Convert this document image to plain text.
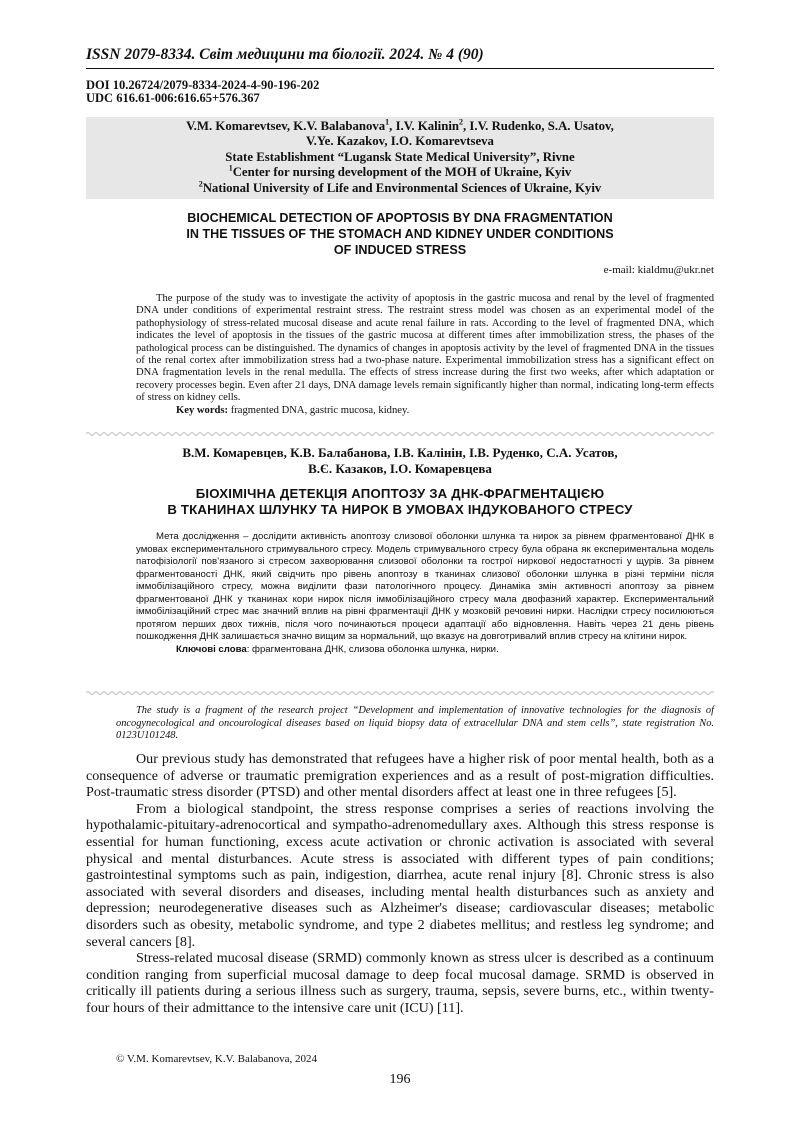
ISSN 2079-8334. Світ медицини та біології. 2024. № 4 (90)
DOI 10.26724/2079-8334-2024-4-90-196-202
UDC 616.61-006:616.65+576.367
V.M. Komarevtsev, K.V. Balabanova$^1$, I.V. Kalinin$^2$, I.V. Rudenko, S.A. Usatov,
V.Ye. Kazakov, I.O. Komarevtseva
State Establishment “Lugansk State Medical University”, Rivne
$^1$Center for nursing development of the MOH of Ukraine, Kyiv
$^2$National University of Life and Environmental Sciences of Ukraine, Kyiv
BIOCHEMICAL DETECTION OF APOPTOSIS BY DNA FRAGMENTATION
IN THE TISSUES OF THE STOMACH AND KIDNEY UNDER CONDITIONS
OF INDUCED STRESS
e-mail: kialdmu@ukr.net

The purpose of the study was to investigate the activity of apoptosis in the gastric mucosa and renal by the level of fragmented DNA under conditions of experimental restraint stress. The restraint stress model was chosen as an experimental model of the pathophysiology of stress-related mucosal disease and acute renal failure in rats. According to the level of fragmented DNA, which indicates the level of apoptosis in the tissues of the gastric mucosa at different times after immobilization stress, the phases of the pathological process can be distinguished. The dynamics of changes in apoptosis activity by the level of fragmented DNA in the tissues of the renal cortex after immobilization stress had a two-phase nature. Experimental immobilization stress has a significant effect on DNA fragmentation levels in the renal medulla. The effects of stress increase during the first two weeks, after which adaptation or recovery processes begin. Even after 21 days, DNA damage levels remain significantly higher than normal, indicating long-term effects of stress on kidney cells.

Key words: fragmented DNA, gastric mucosa, kidney.

В.М. Комаревцев, К.В. Балабанова, І.В. Калінін, І.В. Руденко, С.А. Усатов,
В.Є. Казаков, І.О. Комаревцева
БІОХІМІЧНА ДЕТЕКЦІЯ АПОПТОЗУ ЗА ДНК-ФРАГМЕНТАЦІЄЮ
В ТКАНИНАХ ШЛУНКУ ТА НИРОК В УМОВАХ ІНДУКОВАНОГО СТРЕСУ

Мета дослідження – дослідити активність апоптозу слизової оболонки шлунка та нирок за рівнем фрагментованої ДНК в умовах експериментального стримувального стресу. Модель стримувального стресу була обрана як експериментальна модель патофізіології пов’язаного зі стресом захворювання слизової оболонки та гострої ниркової недостатності у щурів. За рівнем фрагментованості ДНК, який свідчить про рівень апоптозу в тканинах слизової оболонки шлунка в різні терміни після іммобілізаційного стресу, можна виділити фази патологічного процесу. Динаміка змін активності апоптозу за рівнем фрагментованої ДНК у тканинах кори нирок після іммобілізаційного стресу мала двофазний характер. Експериментальний іммобілізаційний стрес має значний вплив на рівні фрагментації ДНК у мозковій речовині нирки. Наслідки стресу посилюються протягом перших двох тижнів, після чого починаються процеси адаптації або відновлення. Навіть через 21 день рівень пошкодження ДНК залишається значно вищим за нормальний, що вказує на довготривалий вплив стресу на клітини нирок.

Ключові слова: фрагментована ДНК, слизова оболонка шлунка, нирки.

The study is a fragment of the research project “Development and implementation of innovative technologies for the diagnosis of oncogynecological and oncourological diseases based on liquid biopsy data of extracellular DNA and stem cells”, state registration No. 0123U101248.

Our previous study has demonstrated that refugees have a higher risk of poor mental health, both as a consequence of adverse or traumatic premigration experiences and as a result of post-migration difficulties. Post-traumatic stress disorder (PTSD) and other mental disorders affect at least one in three refugees [5].

From a biological standpoint, the stress response comprises a series of reactions involving the hypothalamic-pituitary-adrenocortical and sympatho-adrenomedullary axes. Although this stress response is essential for human functioning, excess acute activation or chronic activation is associated with several physical and mental disturbances. Acute stress is associated with different types of pain conditions; gastrointestinal symptoms such as pain, indigestion, diarrhea, acute renal injury [8]. Chronic stress is also associated with several disorders and diseases, including mental health disturbances such as anxiety and depression; neurodegenerative diseases such as Alzheimer's disease; cardiovascular diseases; metabolic disorders such as obesity, metabolic syndrome, and type 2 diabetes mellitus; and restless leg syndrome; and several cancers [8].

Stress-related mucosal disease (SRMD) commonly known as stress ulcer is described as a continuum condition ranging from superficial mucosal damage to deep focal mucosal damage. SRMD is observed in critically ill patients during a serious illness such as surgery, trauma, sepsis, severe burns, etc., within twenty-four hours of their admittance to the intensive care unit (ICU) [11].

© V.M. Komarevtsev, K.V. Balabanova, 2024
196
